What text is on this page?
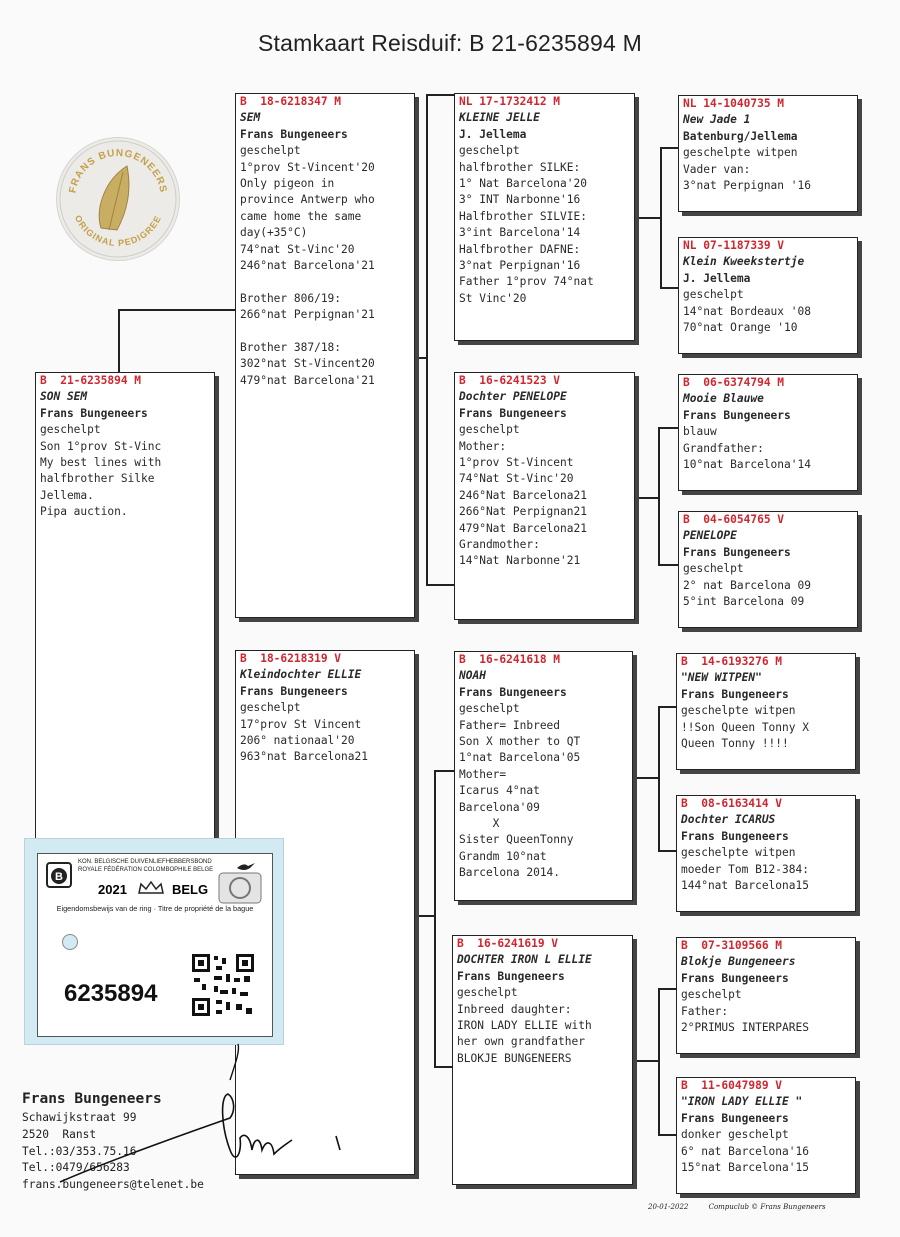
Stamkaart Reisduif: B 21-6235894 M
FRANS BUNGENEERS
ORIGINAL PEDIGREE
B  21-6235894 M
SON SEM
Frans Bungeneers
geschelpt
Son 1°prov St-Vinc
My best lines with
halfbrother Silke
Jellema.
Pipa auction.
B  18-6218347 M
SEM
Frans Bungeneers
geschelpt
1°prov St-Vincent'20
Only pigeon in
province Antwerp who
came home the same
day(+35°C)
74°nat St-Vinc'20
246°nat Barcelona'21
Brother 806/19:
266°nat Perpignan'21
Brother 387/18:
302°nat St-Vincent20
479°nat Barcelona'21
B  18-6218319 V
Kleindochter ELLIE
Frans Bungeneers
geschelpt
17°prov St Vincent
206° nationaal'20
963°nat Barcelona21
NL 17-1732412 M
KLEINE JELLE
J. Jellema
geschelpt
halfbrother SILKE:
1° Nat Barcelona'20
3° INT Narbonne'16
Halfbrother SILVIE:
3°int Barcelona'14
Halfbrother DAFNE:
3°nat Perpignan'16
Father 1°prov 74°nat
St Vinc'20
B  16-6241523 V
Dochter PENELOPE
Frans Bungeneers
geschelpt
Mother:
1°prov St-Vincent
74°Nat St-Vinc'20
246°Nat Barcelona21
266°Nat Perpignan21
479°Nat Barcelona21
Grandmother:
14°Nat Narbonne'21
B  16-6241618 M
NOAH
Frans Bungeneers
geschelpt
Father= Inbreed
Son X mother to QT
1°nat Barcelona'05
Mother=
Icarus 4°nat
Barcelona'09
X
Sister QueenTonny
Grandm 10°nat
Barcelona 2014.
B  16-6241619 V
DOCHTER IRON L ELLIE
Frans Bungeneers
geschelpt
Inbreed daughter:
IRON LADY ELLIE with
her own grandfather
BLOKJE BUNGENEERS
NL 14-1040735 M
New Jade 1
Batenburg/Jellema
geschelpte witpen
Vader van:
3°nat Perpignan '16
NL 07-1187339 V
Klein Kweekstertje
J. Jellema
geschelpt
14°nat Bordeaux '08
70°nat Orange '10
B  06-6374794 M
Mooie Blauwe
Frans Bungeneers
blauw
Grandfather:
10°nat Barcelona'14
B  04-6054765 V
PENELOPE
Frans Bungeneers
geschelpt
2° nat Barcelona 09
5°int Barcelona 09
B  14-6193276 M
"NEW WITPEN"
Frans Bungeneers
geschelpte witpen
!!Son Queen Tonny X
Queen Tonny !!!!
B  08-6163414 V
Dochter ICARUS
Frans Bungeneers
geschelpte witpen
moeder Tom B12-384:
144°nat Barcelona15
B  07-3109566 M
Blokje Bungeneers
Frans Bungeneers
geschelpt
Father:
2°PRIMUS INTERPARES
B  11-6047989 V
"IRON LADY ELLIE "
Frans Bungeneers
donker geschelpt
6° nat Barcelona'16
15°nat Barcelona'15
B
KON. BELGISCHE DUIVENLIEFHEBBERSBOND
ROYALE FÉDÉRATION COLOMBOPHILE BELGE
2021	BELG
Eigendomsbewijs van de ring · Titre de propriété de la bague
6235894
Frans Bungeneers
Schawijkstraat 99
2520  Ranst
Tel.:03/353.75.16
Tel.:0479/656283
frans.bungeneers@telenet.be
20-01-2022	Compuclub © Frans Bungeneers
